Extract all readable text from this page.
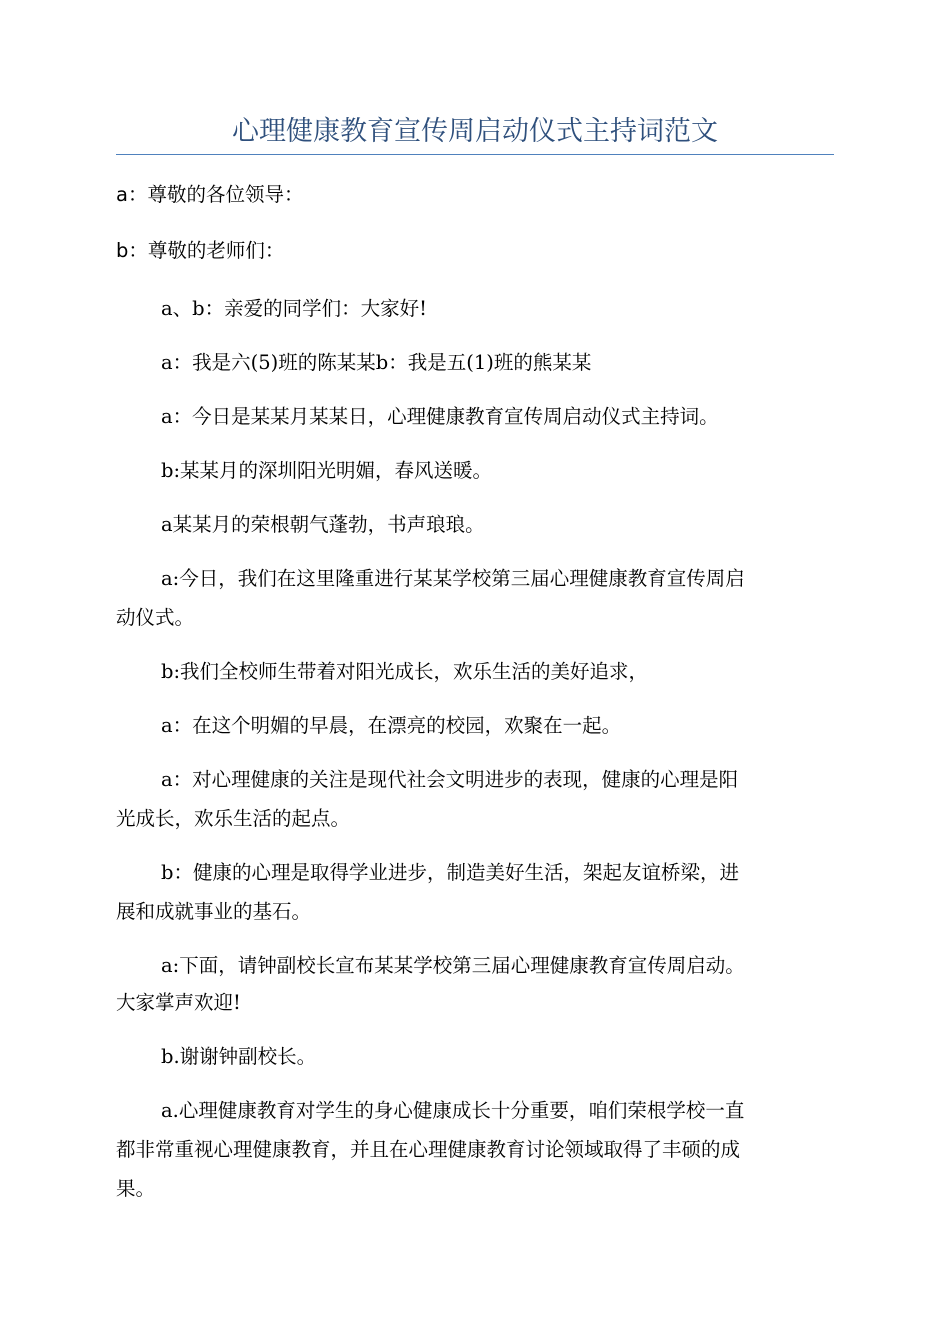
心理健康教育宣传周启动仪式主持词范文
a：尊敬的各位领导：
b：尊敬的老师们：
a、b：亲爱的同学们：大家好!
a：我是六(5)班的陈某某b：我是五(1)班的熊某某
a：今日是某某月某某日，心理健康教育宣传周启动仪式主持词。
b:某某月的深圳阳光明媚，春风送暖。
a某某月的荣根朝气蓬勃，书声琅琅。
a:今日，我们在这里隆重进行某某学校第三届心理健康教育宣传周启
动仪式。
b:我们全校师生带着对阳光成长，欢乐生活的美好追求，
a：在这个明媚的早晨，在漂亮的校园，欢聚在一起。
a：对心理健康的关注是现代社会文明进步的表现，健康的心理是阳
光成长，欢乐生活的起点。
b：健康的心理是取得学业进步，制造美好生活，架起友谊桥梁，进
展和成就事业的基石。
a:下面，请钟副校长宣布某某学校第三届心理健康教育宣传周启动。
大家掌声欢迎!
b.谢谢钟副校长。
a.心理健康教育对学生的身心健康成长十分重要，咱们荣根学校一直
都非常重视心理健康教育，并且在心理健康教育讨论领域取得了丰硕的成
果。
